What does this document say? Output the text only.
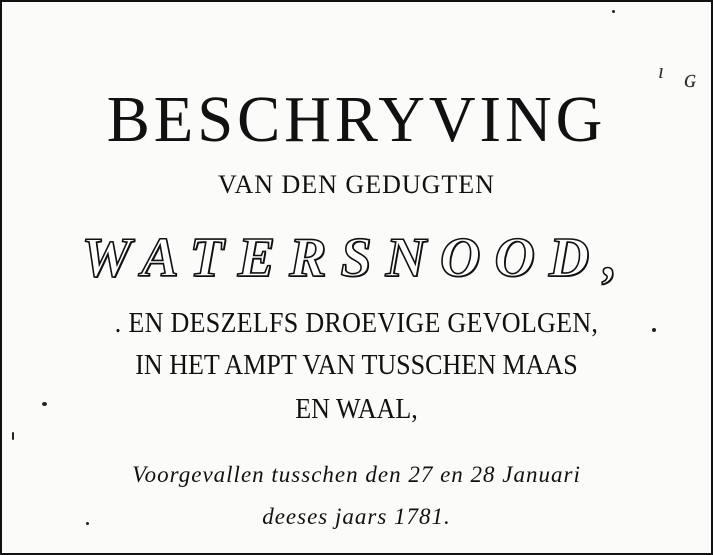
BESCHRYVING
VAN DEN GEDUGTEN
WATERSNOOD,
. EN DESZELFS DROEVIGE GEVOLGEN,
IN HET AMPT VAN TUSSCHEN MAAS
EN WAAL,
Voorgevallen tusschen den 27 en 28 Januari
deeses jaars 1781.
ı ɢ
